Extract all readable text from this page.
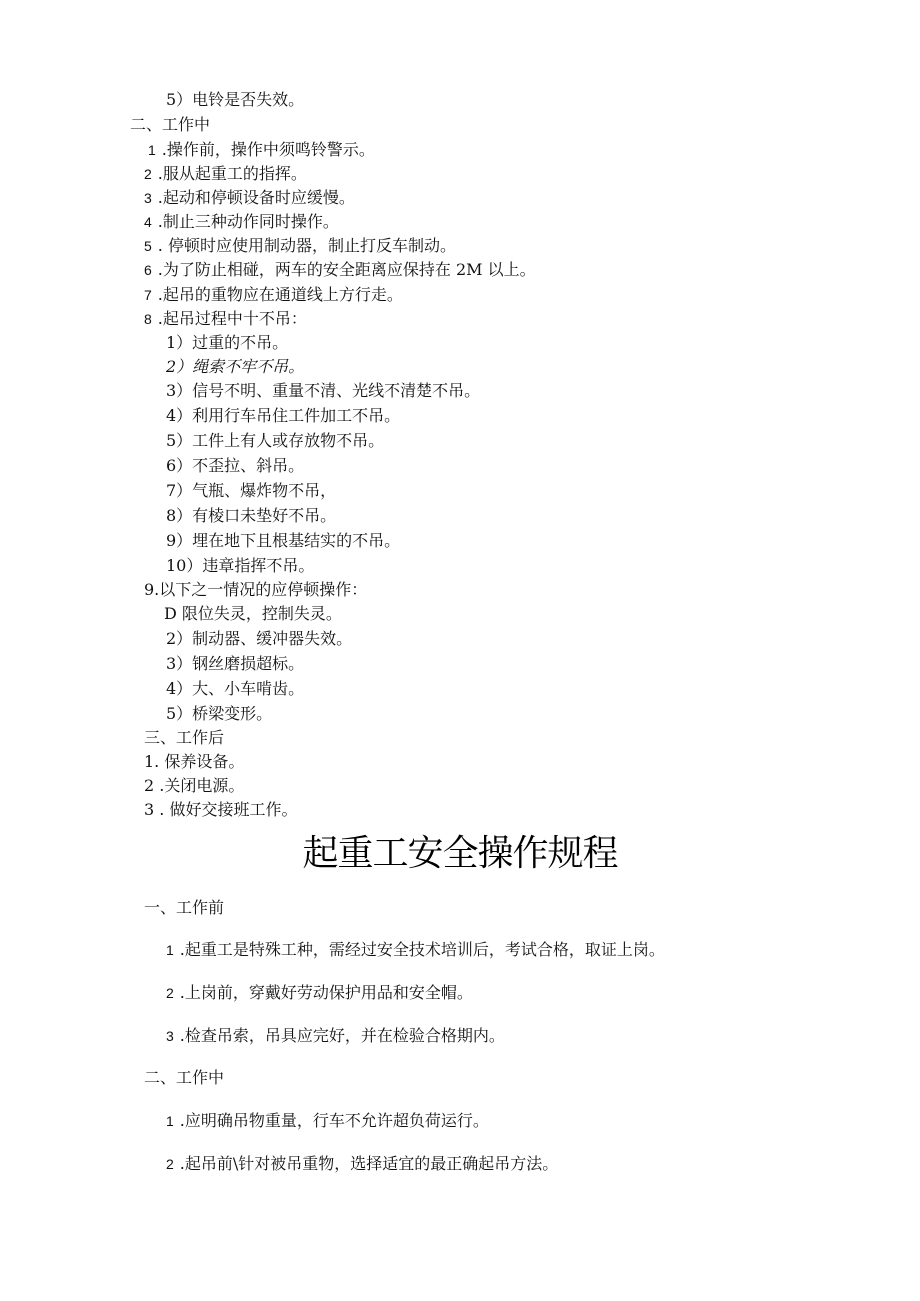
5）电铃是否失效。
二、工作中
1 .操作前，操作中须鸣铃警示。
2 .服从起重工的指挥。
3 .起动和停顿设备时应缓慢。
4 .制止三种动作同时操作。
5 . 停顿时应使用制动器，制止打反车制动。
6 .为了防止相碰，两车的安全距离应保持在 2M 以上。
7 .起吊的重物应在通道线上方行走。
8 .起吊过程中十不吊：
1）过重的不吊。
2）绳索不牢不吊。
3）信号不明、重量不清、光线不清楚不吊。
4）利用行车吊住工件加工不吊。
5）工件上有人或存放物不吊。
6）不歪拉、斜吊。
7）气瓶、爆炸物不吊，
8）有棱口未垫好不吊。
9）埋在地下且根基结实的不吊。
10）违章指挥不吊。
9.以下之一情况的应停顿操作：
D 限位失灵，控制失灵。
2）制动器、缓冲器失效。
3）钢丝磨损超标。
4）大、小车啃齿。
5）桥梁变形。
三、工作后
1. 保养设备。
2 .关闭电源。
3 . 做好交接班工作。
起重工安全操作规程
一、工作前
1 .起重工是特殊工种，需经过安全技术培训后，考试合格，取证上岗。
2 .上岗前，穿戴好劳动保护用品和安全帽。
3 .检查吊索，吊具应完好，并在检验合格期内。
二、工作中
1 .应明确吊物重量，行车不允许超负荷运行。
2 .起吊前\针对被吊重物，选择适宜的最正确起吊方法。
